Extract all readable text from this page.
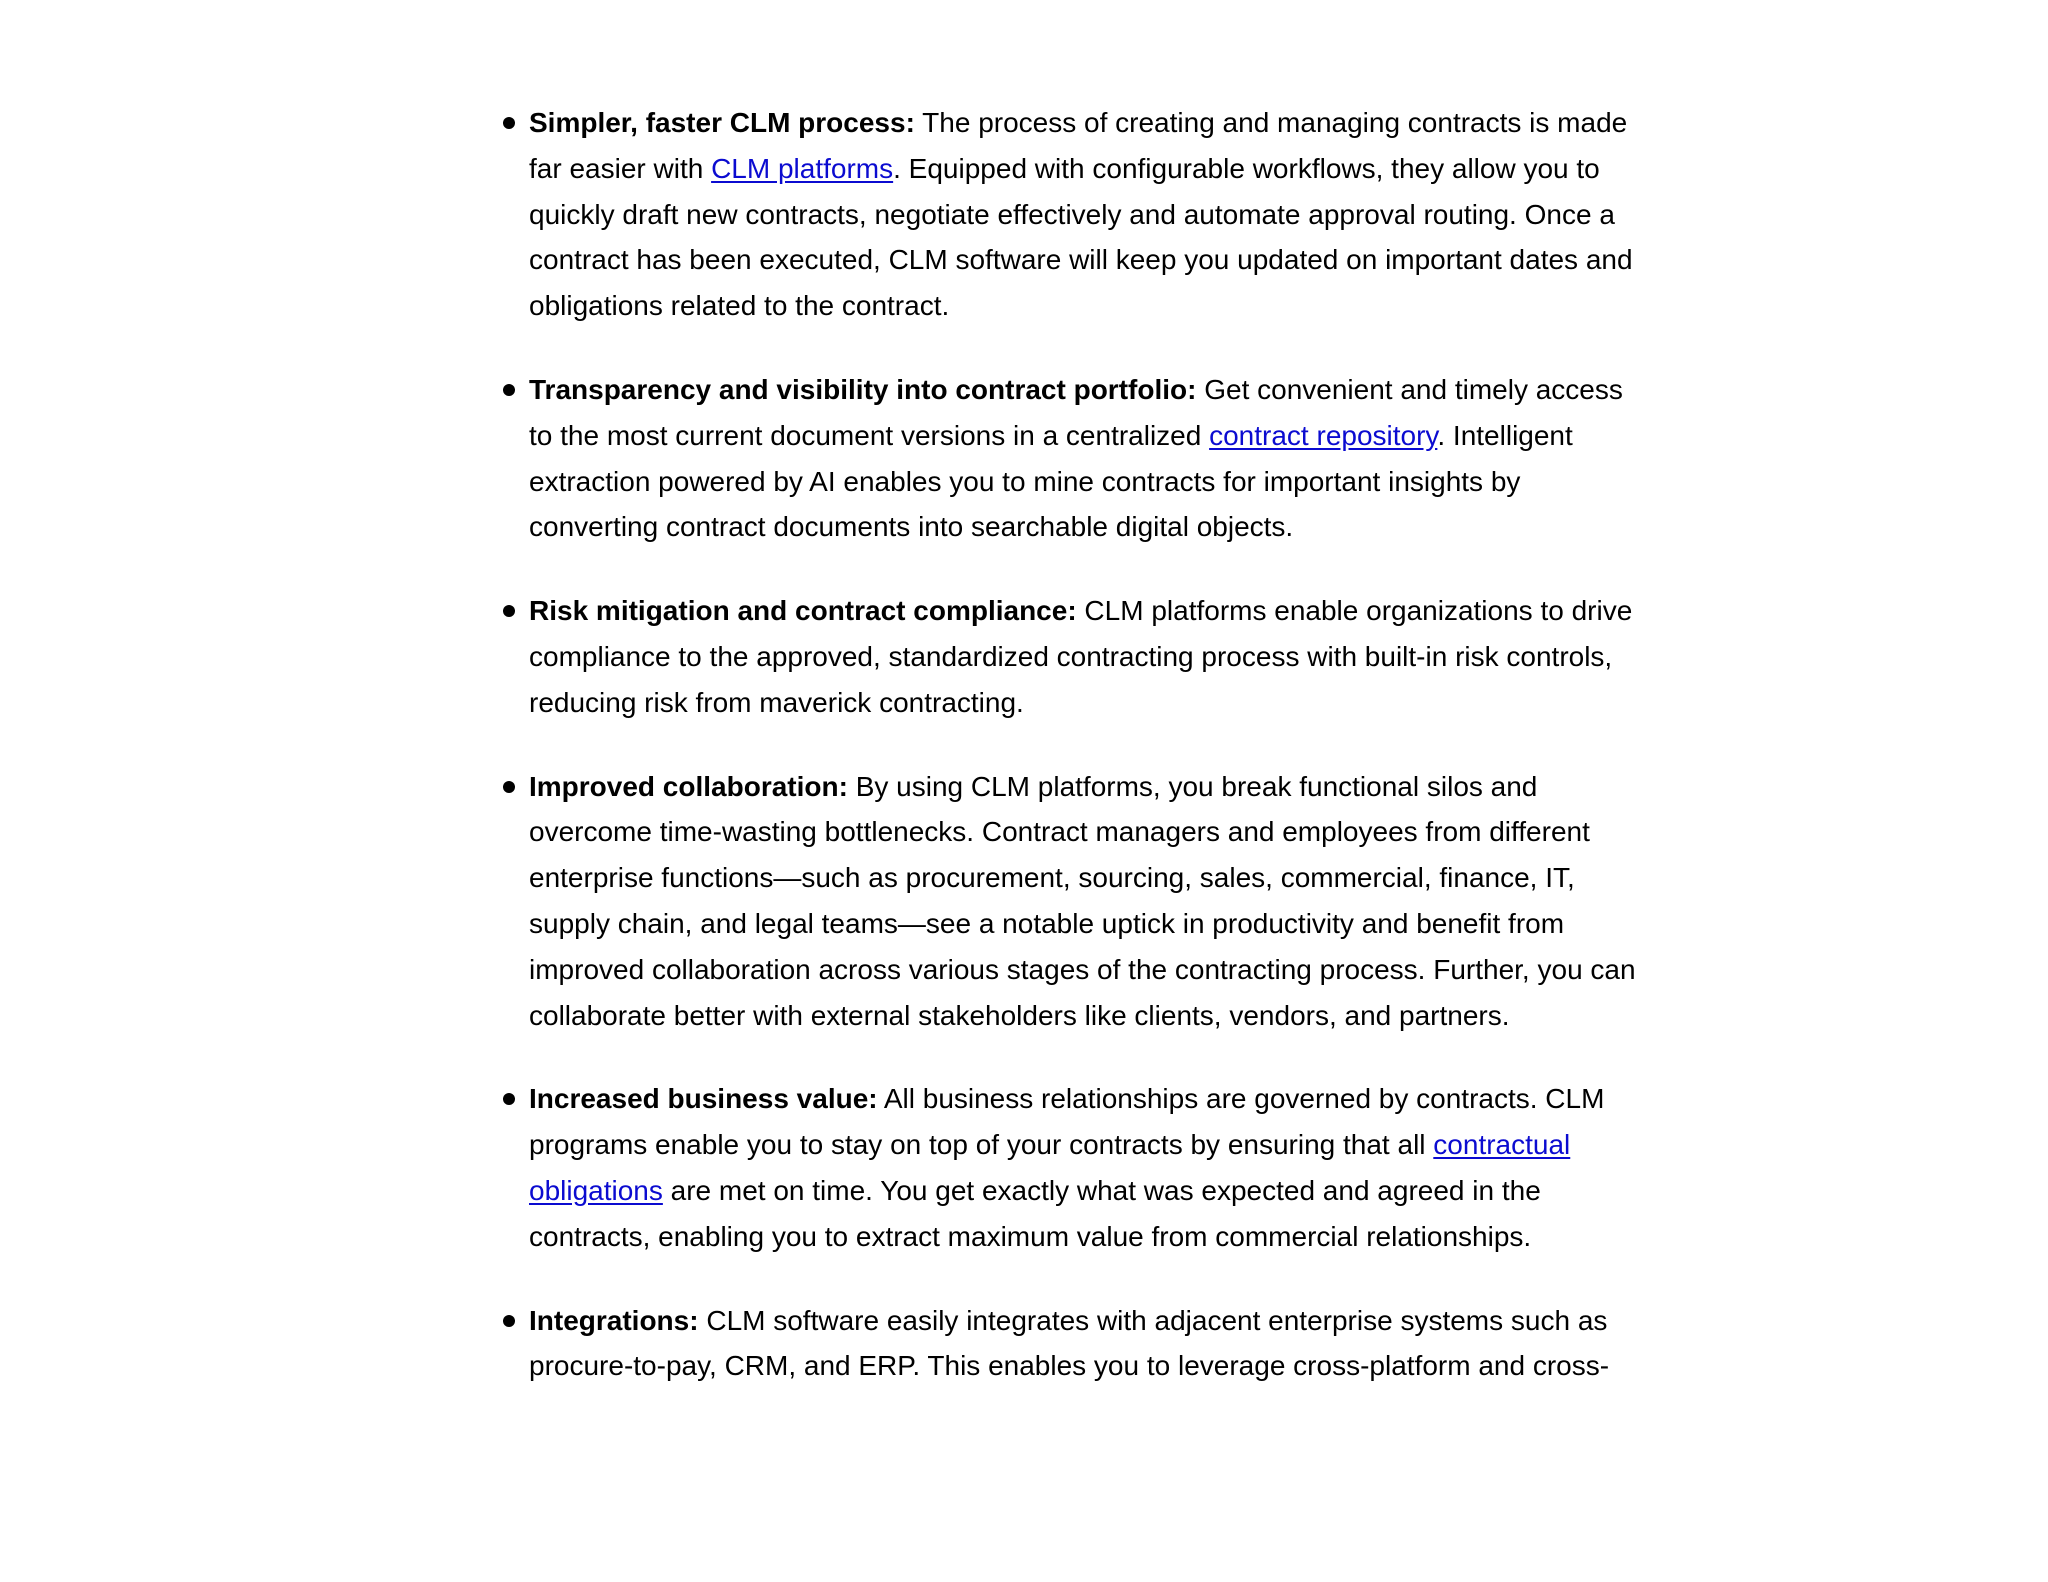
Simpler, faster CLM process: The process of creating and managing contracts is made far easier with CLM platforms. Equipped with configurable workflows, they allow you to quickly draft new contracts, negotiate effectively and automate approval routing. Once a contract has been executed, CLM software will keep you updated on important dates and obligations related to the contract.

Transparency and visibility into contract portfolio: Get convenient and timely access to the most current document versions in a centralized contract repository. Intelligent extraction powered by AI enables you to mine contracts for important insights by converting contract documents into searchable digital objects.

Risk mitigation and contract compliance: CLM platforms enable organizations to drive compliance to the approved, standardized contracting process with built-in risk controls, reducing risk from maverick contracting.

Improved collaboration: By using CLM platforms, you break functional silos and overcome time-wasting bottlenecks. Contract managers and employees from different enterprise functions—such as procurement, sourcing, sales, commercial, finance, IT, supply chain, and legal teams—see a notable uptick in productivity and benefit from improved collaboration across various stages of the contracting process. Further, you can collaborate better with external stakeholders like clients, vendors, and partners.

Increased business value: All business relationships are governed by contracts. CLM programs enable you to stay on top of your contracts by ensuring that all contractual obligations are met on time. You get exactly what was expected and agreed in the contracts, enabling you to extract maximum value from commercial relationships.

Integrations: CLM software easily integrates with adjacent enterprise systems such as procure-to-pay, CRM, and ERP. This enables you to leverage cross-platform and cross-
